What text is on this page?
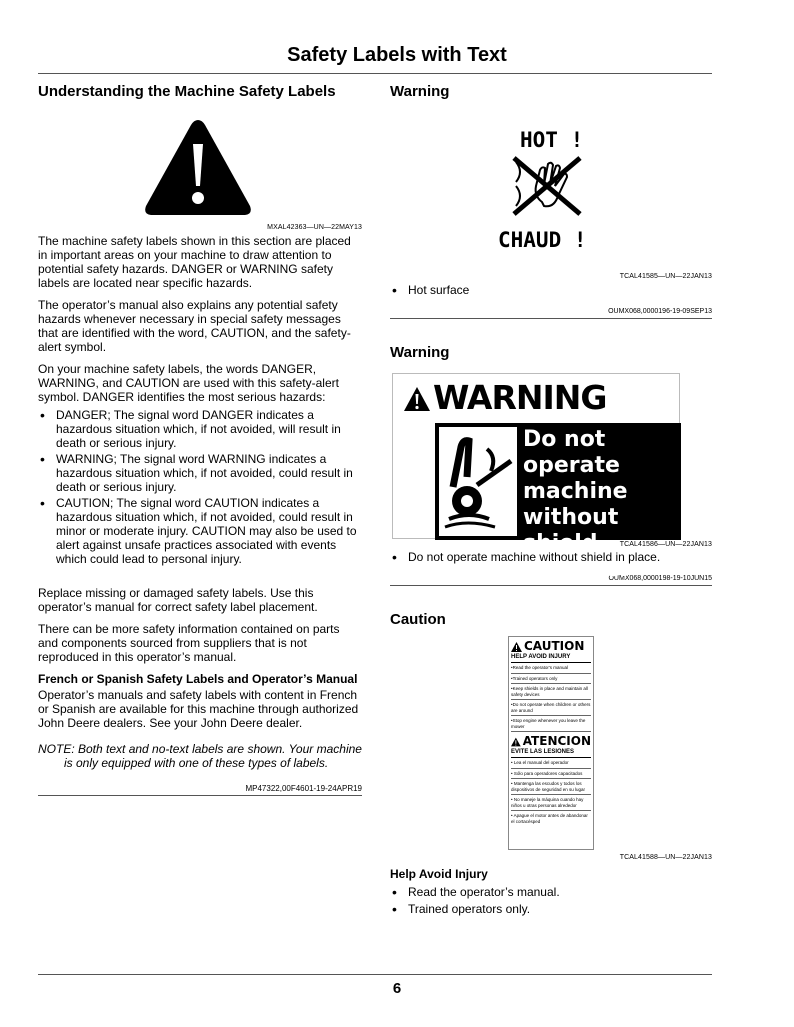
Safety Labels with Text
Understanding the Machine Safety Labels
MXAL42363—UN—22MAY13

The machine safety labels shown in this section are placed in important areas on your machine to draw attention to potential safety hazards. DANGER or WARNING safety labels are located near specific hazards.

The operator’s manual also explains any potential safety hazards whenever necessary in special safety messages that are identified with the word, CAUTION, and the safety-alert symbol.

On your machine safety labels, the words DANGER, WARNING, and CAUTION are used with this safety-alert symbol. DANGER identifies the most serious hazards:

• DANGER; The signal word DANGER indicates a hazardous situation which, if not avoided, will result in death or serious injury.
• WARNING; The signal word WARNING indicates a hazardous situation which, if not avoided, could result in death or serious injury.
• CAUTION; The signal word CAUTION indicates a hazardous situation which, if not avoided, could result in minor or moderate injury. CAUTION may also be used to alert against unsafe practices associated with events which could lead to personal injury.

Replace missing or damaged safety labels. Use this operator’s manual for correct safety label placement.

There can be more safety information contained on parts and components sourced from suppliers that is not reproduced in this operator’s manual.

French or Spanish Safety Labels and Operator’s Manual

Operator’s manuals and safety labels with content in French or Spanish are available for this machine through authorized John Deere dealers. See your John Deere dealer.

NOTE: Both text and no-text labels are shown. Your machine is only equipped with one of these types of labels.

MP47322,00F4601-19-24APR19
Warning
HOT !
CHAUD !
TCAL41585—UN—22JAN13
• Hot surface
OUMX068,0000196-19-09SEP13
Warning
WARNING
Do not operate
machine
without shield
in place.
TCAL41586—UN—22JAN13
• Do not operate machine without shield in place.
OUMX068,0000198-19-10JUN15
Caution
CAUTION
HELP AVOID INJURY
•Read the operator's manual
•Trained operators only
•Keep shields in place and maintain all safety devices
•Do not operate when children or others are around
•Stop engine whenever you leave the mower
ATENCION
EVITE LAS LESIONES
• Lea el manual del operador
• Sólo para operadores capacitados
• Mantenga las escudos y todos los dispositivos de seguridad en su lugar
• No maneje la máquina cuando hay niños u otras personas alrededor
• Apague el motor antes de abandonar el cortacésped
TCAL41588—UN—22JAN13
Help Avoid Injury
• Read the operator’s manual.
• Trained operators only.
6
